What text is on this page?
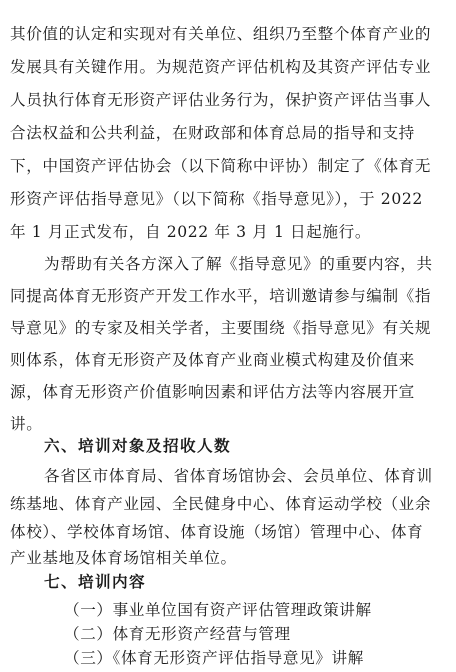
其价值的认定和实现对有关单位、组织乃至整个体育产业的
发展具有关键作用。为规范资产评估机构及其资产评估专业
人员执行体育无形资产评估业务行为，保护资产评估当事人
合法权益和公共利益，在财政部和体育总局的指导和支持
下，中国资产评估协会（以下简称中评协）制定了《体育无
形资产评估指导意见》（以下简称《指导意见》），于 2022
年 1 月正式发布，自 2022 年 3 月 1 日起施行。
为帮助有关各方深入了解《指导意见》的重要内容，共
同提高体育无形资产开发工作水平，培训邀请参与编制《指
导意见》的专家及相关学者，主要围绕《指导意见》有关规
则体系，体育无形资产及体育产业商业模式构建及价值来
源，体育无形资产价值影响因素和评估方法等内容展开宣
讲。
六、培训对象及招收人数
各省区市体育局、省体育场馆协会、会员单位、体育训
练基地、体育产业园、全民健身中心、体育运动学校（业余
体校）、学校体育场馆、体育设施（场馆）管理中心、体育
产业基地及体育场馆相关单位。
七、培训内容
（一）事业单位国有资产评估管理政策讲解
（二）体育无形资产经营与管理
（三）《体育无形资产评估指导意见》讲解
